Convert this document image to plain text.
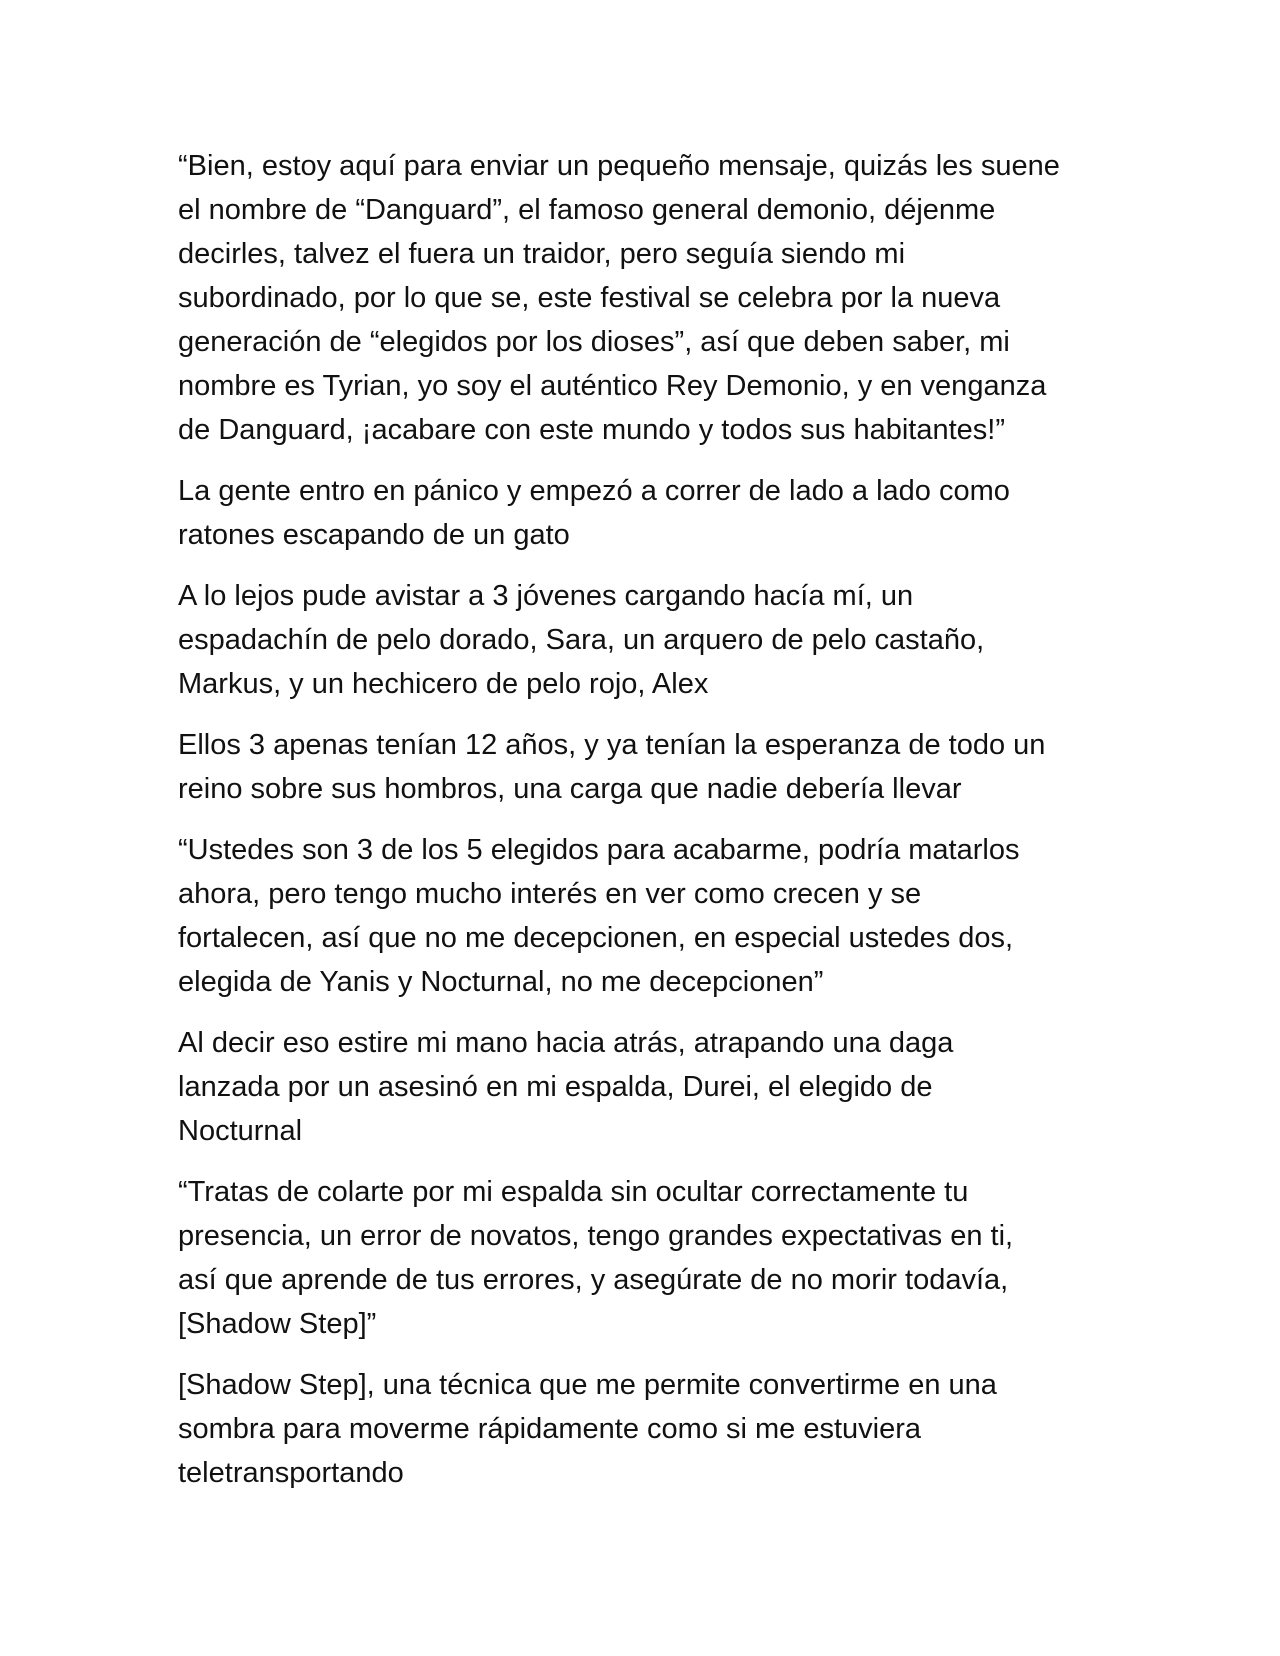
“Bien, estoy aquí para enviar un pequeño mensaje, quizás les suene
el nombre de “Danguard”, el famoso general demonio, déjenme
decirles, talvez el fuera un traidor, pero seguía siendo mi
subordinado, por lo que se, este festival se celebra por la nueva
generación de “elegidos por los dioses”, así que deben saber, mi
nombre es Tyrian, yo soy el auténtico Rey Demonio, y en venganza
de Danguard, ¡acabare con este mundo y todos sus habitantes!”

La gente entro en pánico y empezó a correr de lado a lado como
ratones escapando de un gato

A lo lejos pude avistar a 3 jóvenes cargando hacía mí, un
espadachín de pelo dorado, Sara, un arquero de pelo castaño,
Markus, y un hechicero de pelo rojo, Alex

Ellos 3 apenas tenían 12 años, y ya tenían la esperanza de todo un
reino sobre sus hombros, una carga que nadie debería llevar

“Ustedes son 3 de los 5 elegidos para acabarme, podría matarlos
ahora, pero tengo mucho interés en ver como crecen y se
fortalecen, así que no me decepcionen, en especial ustedes dos,
elegida de Yanis y Nocturnal, no me decepcionen”

Al decir eso estire mi mano hacia atrás, atrapando una daga
lanzada por un asesinó en mi espalda, Durei, el elegido de
Nocturnal

“Tratas de colarte por mi espalda sin ocultar correctamente tu
presencia, un error de novatos, tengo grandes expectativas en ti,
así que aprende de tus errores, y asegúrate de no morir todavía,
[Shadow Step]”

[Shadow Step], una técnica que me permite convertirme en una
sombra para moverme rápidamente como si me estuviera
teletransportando
